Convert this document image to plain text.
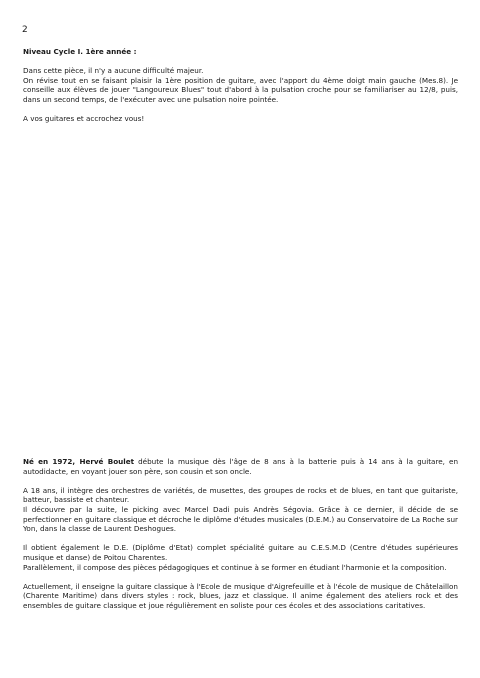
2

Niveau Cycle I. 1ère année :

Dans cette pièce, il n'y a aucune difficulté majeur.

On révise tout en se faisant plaisir la 1ère position de guitare, avec l'apport du 4ème doigt main gauche (Mes.8). Je conseille aux élèves de jouer "Langoureux Blues" tout d'abord à la pulsation croche pour se familiariser au 12/8, puis, dans un second temps, de l'exécuter avec une pulsation noire pointée.

A vos guitares et accrochez vous!

Né en 1972, Hervé Boulet débute la musique dès l'âge de 8 ans à la batterie puis à 14 ans à la guitare, en autodidacte, en voyant jouer son père, son cousin et son oncle.

A 18 ans, il intègre des orchestres de variétés, de musettes, des groupes de rocks et de blues, en tant que guitariste, batteur, bassiste et chanteur.

Il découvre par la suite, le picking avec Marcel Dadi puis Andrès Ségovia. Grâce à ce dernier, il décide de se perfectionner en guitare classique et décroche le diplôme d'études musicales (D.E.M.) au Conservatoire de La Roche sur Yon, dans la classe de Laurent Deshogues.

Il obtient également le D.E. (Diplôme d'Etat) complet spécialité guitare au C.E.S.M.D (Centre d'études supérieures musique et danse) de Poitou Charentes.

Parallèlement, il compose des pièces pédagogiques et continue à se former en étudiant l'harmonie et la composition.

Actuellement, il enseigne la guitare classique à l'Ecole de musique d'Aigrefeuille et à l'école de musique de Châtelaillon (Charente Maritime) dans divers styles : rock, blues, jazz et classique. Il anime également des ateliers rock et des ensembles de guitare classique et joue régulièrement en soliste pour ces écoles et des associations caritatives.
